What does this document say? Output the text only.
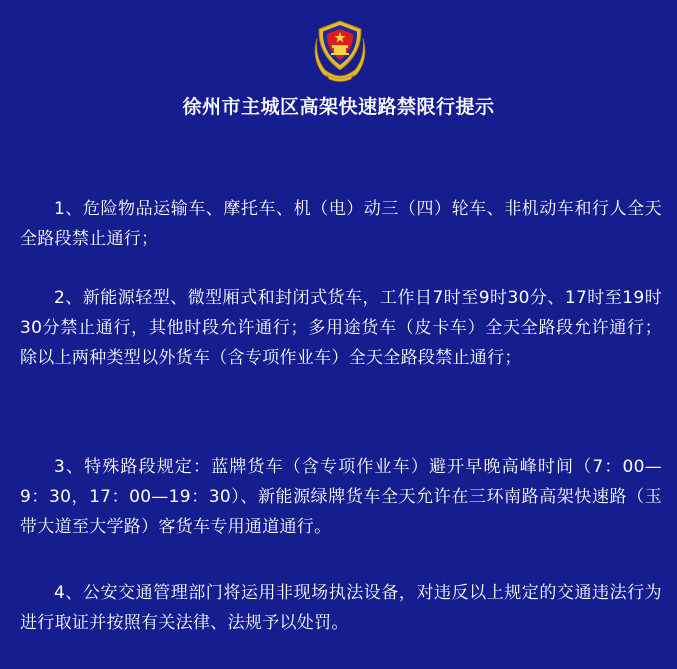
徐州市主城区高架快速路禁限行提示
1、危险物品运输车、摩托车、机（电）动三（四）轮车、非机动车和行人全天全路段禁止通行；
2、新能源轻型、微型厢式和封闭式货车，工作日7时至9时30分、17时至19时30分禁止通行，其他时段允许通行；多用途货车（皮卡车）全天全路段允许通行；除以上两种类型以外货车（含专项作业车）全天全路段禁止通行；
3、特殊路段规定：蓝牌货车（含专项作业车）避开早晚高峰时间（7：00—9：30，17：00—19：30）、新能源绿牌货车全天允许在三环南路高架快速路（玉带大道至大学路）客货车专用通道通行。
4、公安交通管理部门将运用非现场执法设备，对违反以上规定的交通违法行为进行取证并按照有关法律、法规予以处罚。
